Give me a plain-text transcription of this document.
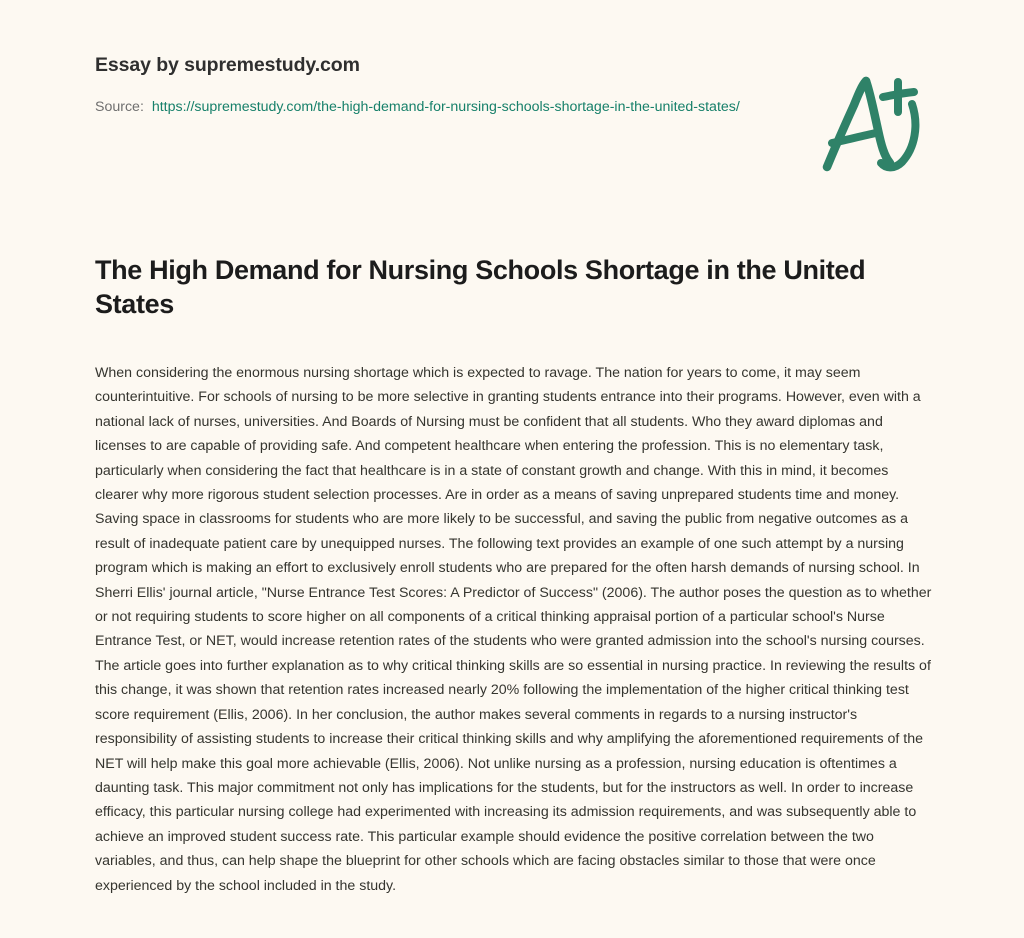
Essay by supremestudy.com
Source: https://supremestudy.com/the-high-demand-for-nursing-schools-shortage-in-the-united-states/
The High Demand for Nursing Schools Shortage in the United States

When considering the enormous nursing shortage which is expected to ravage. The nation for years to come, it may seem counterintuitive. For schools of nursing to be more selective in granting students entrance into their programs. However, even with a national lack of nurses, universities. And Boards of Nursing must be confident that all students. Who they award diplomas and licenses to are capable of providing safe. And competent healthcare when entering the profession. This is no elementary task, particularly when considering the fact that healthcare is in a state of constant growth and change. With this in mind, it becomes clearer why more rigorous student selection processes. Are in order as a means of saving unprepared students time and money. Saving space in classrooms for students who are more likely to be successful, and saving the public from negative outcomes as a result of inadequate patient care by unequipped nurses. The following text provides an example of one such attempt by a nursing program which is making an effort to exclusively enroll students who are prepared for the often harsh demands of nursing school. In Sherri Ellis' journal article, "Nurse Entrance Test Scores: A Predictor of Success" (2006). The author poses the question as to whether or not requiring students to score higher on all components of a critical thinking appraisal portion of a particular school's Nurse Entrance Test, or NET, would increase retention rates of the students who were granted admission into the school's nursing courses. The article goes into further explanation as to why critical thinking skills are so essential in nursing practice. In reviewing the results of this change, it was shown that retention rates increased nearly 20% following the implementation of the higher critical thinking test score requirement (Ellis, 2006). In her conclusion, the author makes several comments in regards to a nursing instructor's responsibility of assisting students to increase their critical thinking skills and why amplifying the aforementioned requirements of the NET will help make this goal more achievable (Ellis, 2006). Not unlike nursing as a profession, nursing education is oftentimes a daunting task. This major commitment not only has implications for the students, but for the instructors as well. In order to increase efficacy, this particular nursing college had experimented with increasing its admission requirements, and was subsequently able to achieve an improved student success rate. This particular example should evidence the positive correlation between the two variables, and thus, can help shape the blueprint for other schools which are facing obstacles similar to those that were once experienced by the school included in the study.
